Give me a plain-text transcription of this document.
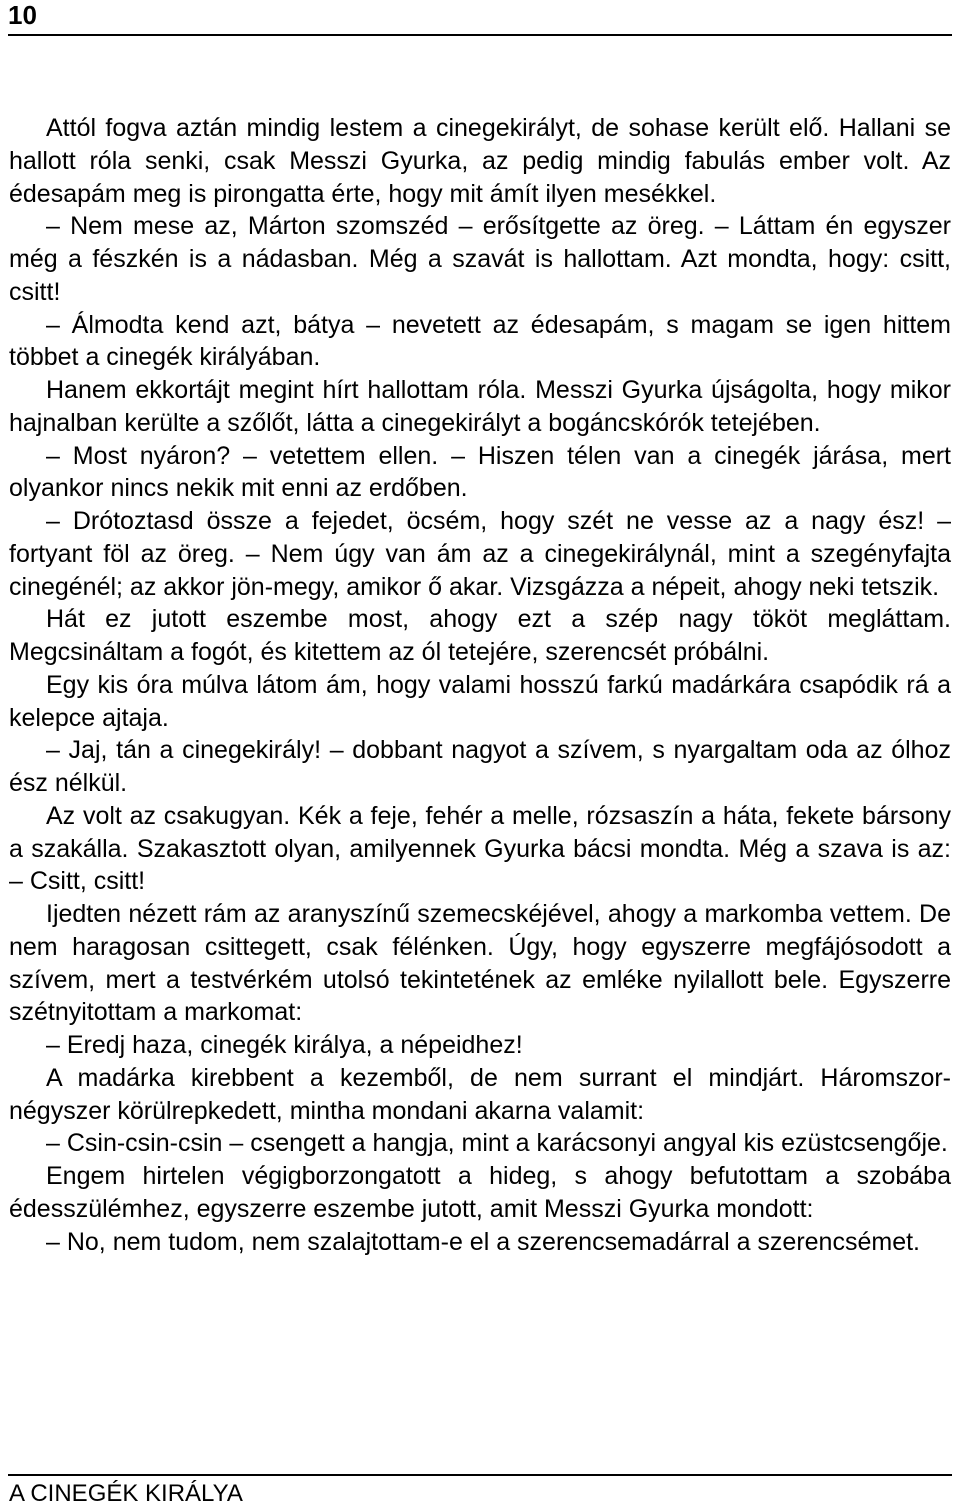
10

Attól fogva aztán mindig lestem a cinegekirályt, de sohase került elő. Hallani se hallott róla senki, csak Messzi Gyurka, az pedig mindig fabulás ember volt. Az édesapám meg is pirongatta érte, hogy mit ámít ilyen mesékkel.

– Nem mese az, Márton szomszéd – erősítgette az öreg. – Láttam én egyszer még a fészkén is a nádasban. Még a szavát is hallottam. Azt mondta, hogy: csitt, csitt!

– Álmodta kend azt, bátya – nevetett az édesapám, s magam se igen hittem többet a cinegék királyában.

Hanem ekkortájt megint hírt hallottam róla. Messzi Gyurka újságolta, hogy mikor hajnalban kerülte a szőlőt, látta a cinegekirályt a bogáncskórók tetejében.

– Most nyáron? – vetettem ellen. – Hiszen télen van a cinegék járása, mert olyankor nincs nekik mit enni az erdőben.

– Drótoztasd össze a fejedet, öcsém, hogy szét ne vesse az a nagy ész! – fortyant föl az öreg. – Nem úgy van ám az a cinegekirálynál, mint a szegényfajta cinegénél; az akkor jön-megy, amikor ő akar. Vizsgázza a népeit, ahogy neki tetszik.

Hát ez jutott eszembe most, ahogy ezt a szép nagy tököt megláttam. Megcsináltam a fogót, és kitettem az ól tetejére, szerencsét próbálni.

Egy kis óra múlva látom ám, hogy valami hosszú farkú madárkára csapódik rá a kelepce ajtaja.

– Jaj, tán a cinegekirály! – dobbant nagyot a szívem, s nyargaltam oda az ólhoz ész nélkül.

Az volt az csakugyan. Kék a feje, fehér a melle, rózsaszín a háta, fekete bársony a szakálla. Szakasztott olyan, amilyennek Gyurka bácsi mondta. Még a szava is az: – Csitt, csitt!

Ijedten nézett rám az aranyszínű szemecskéjével, ahogy a markomba vettem. De nem haragosan csittegett, csak félénken. Úgy, hogy egyszerre megfájósodott a szívem, mert a testvérkém utolsó tekintetének az emléke nyilallott bele. Egyszerre szétnyitottam a markomat:

– Eredj haza, cinegék királya, a népeidhez!

A madárka kirebbent a kezemből, de nem surrant el mindjárt. Háromszor-négyszer körülrepkedett, mintha mondani akarna valamit:

– Csin-csin-csin – csengett a hangja, mint a karácsonyi angyal kis ezüstcsengője.

Engem hirtelen végigborzongatott a hideg, s ahogy befutottam a szobába édesszülémhez, egyszerre eszembe jutott, amit Messzi Gyurka mondott:

– No, nem tudom, nem szalajtottam-e el a szerencsemadárral a szerencsémet.

A CINEGÉK KIRÁLYA
